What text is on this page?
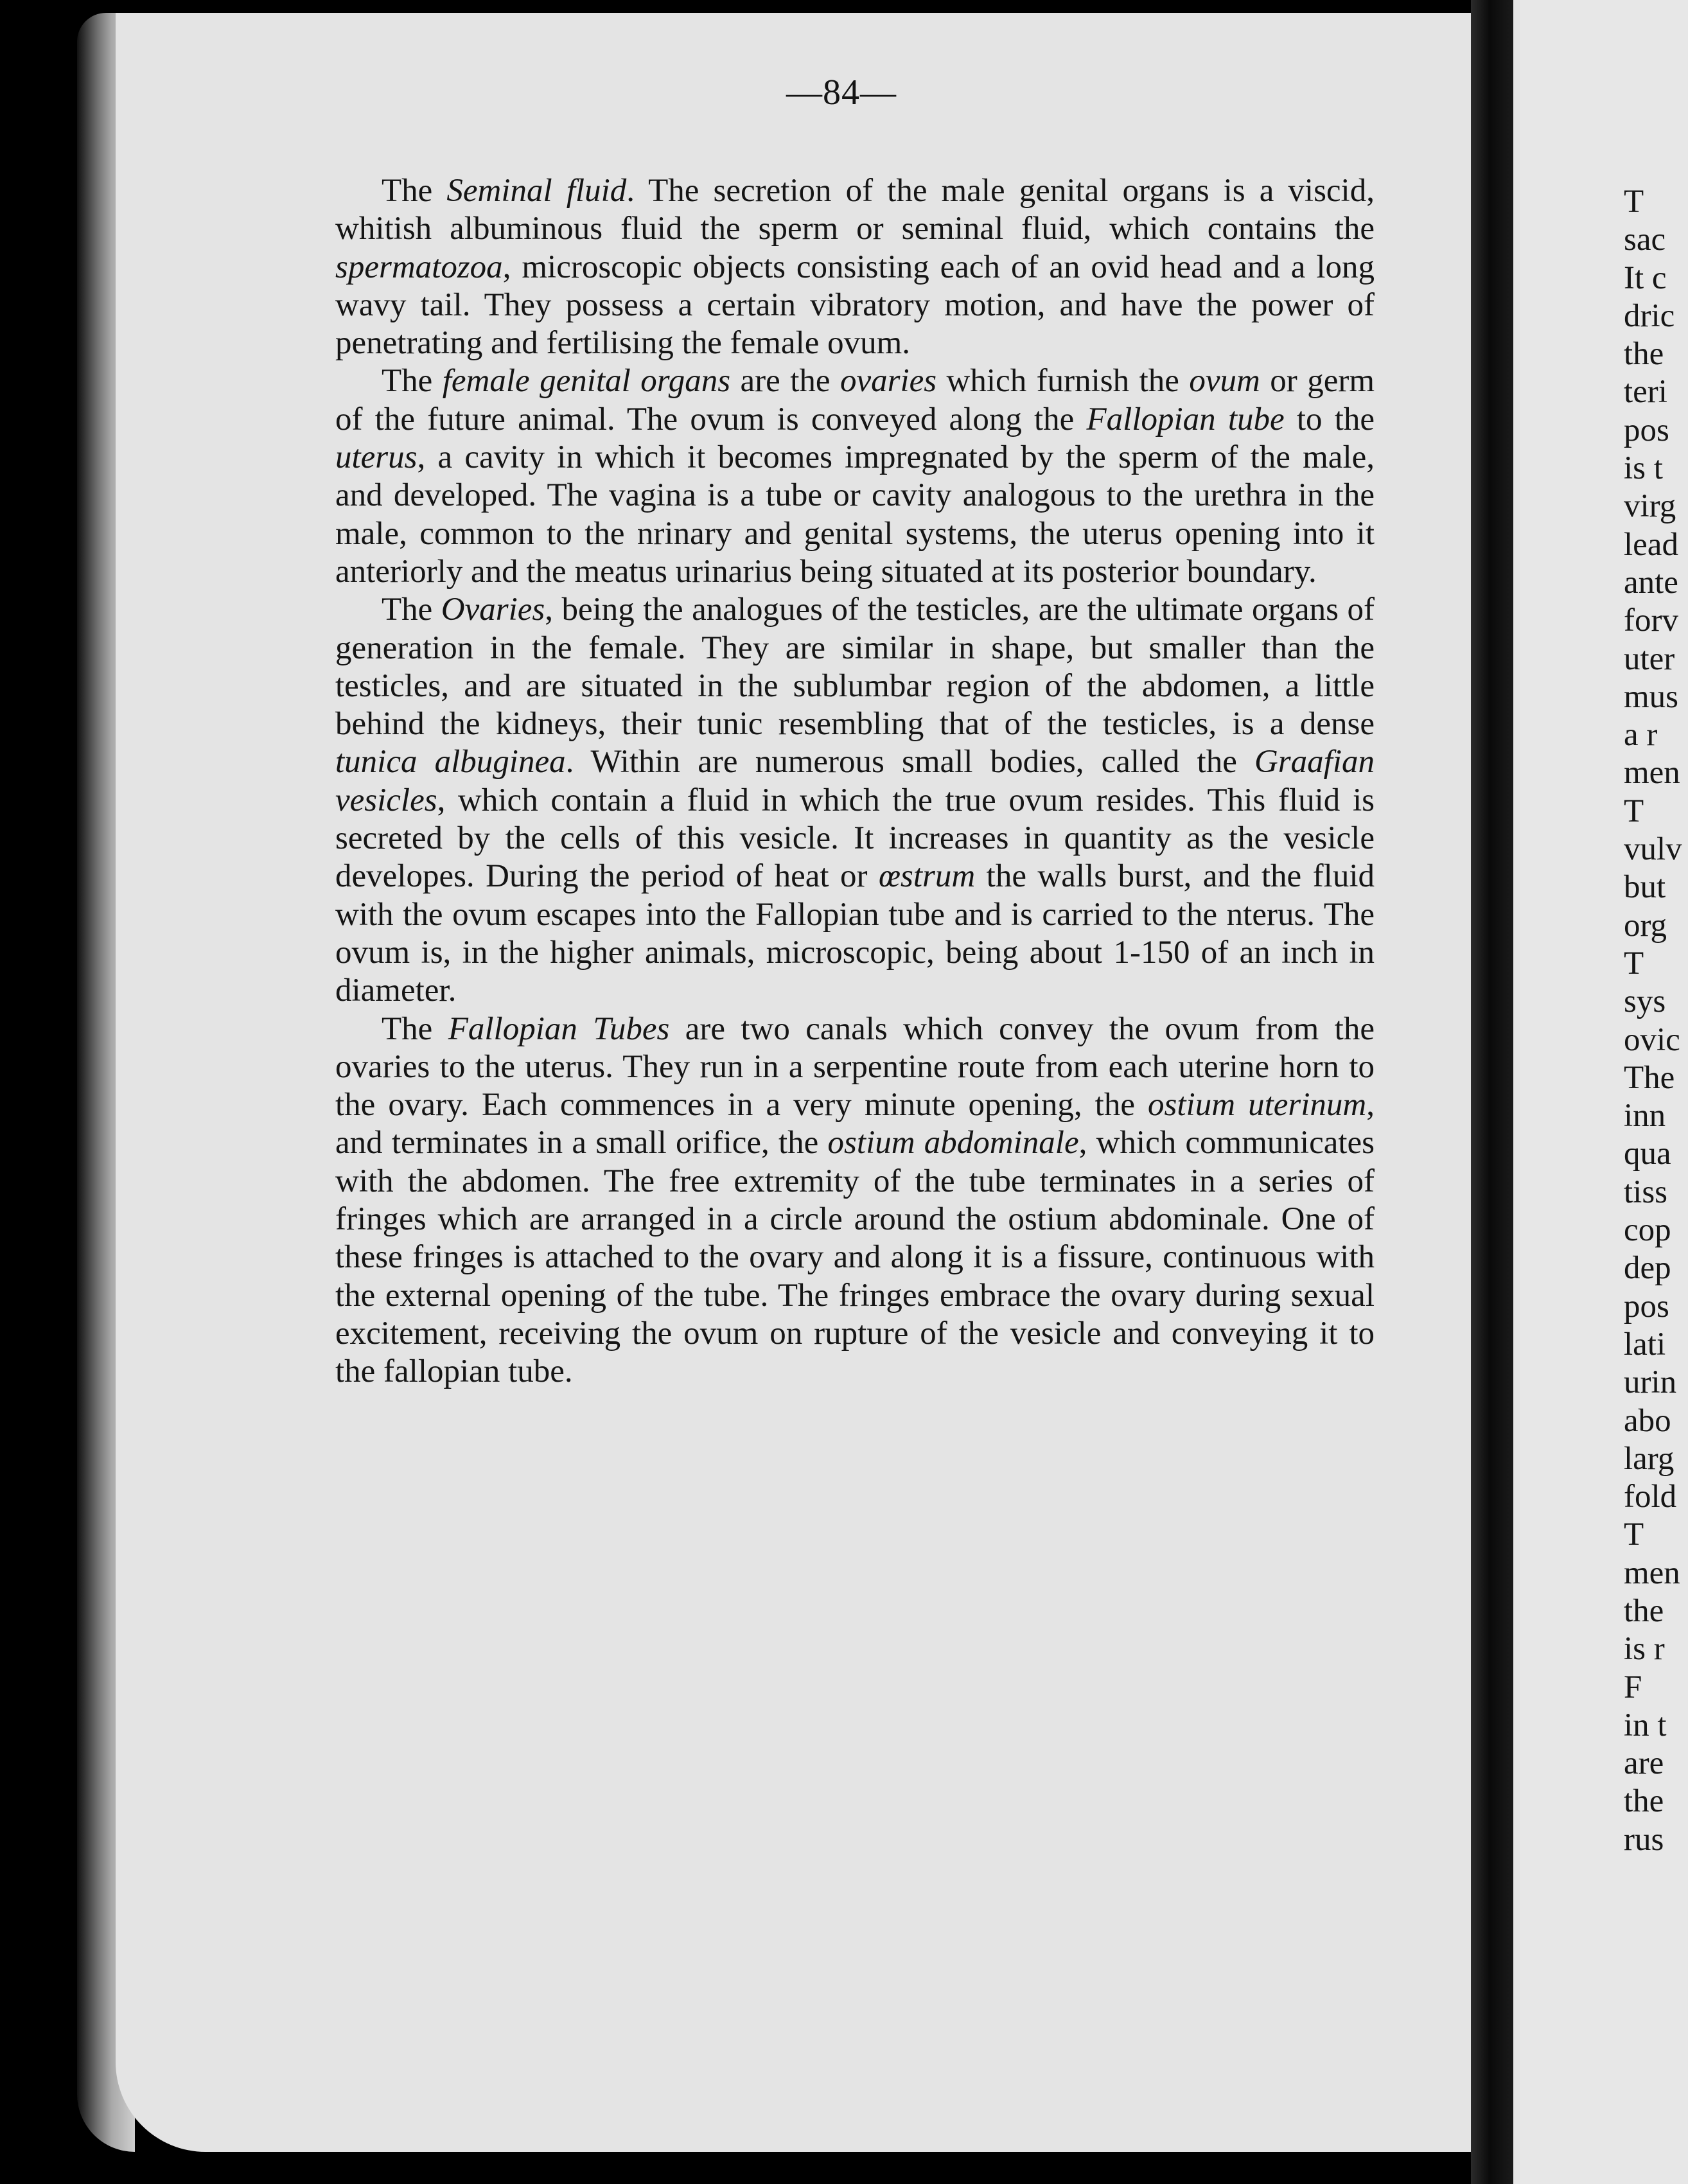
—84—

The Seminal fluid. The secretion of the male genital organs is a viscid, whitish albuminous fluid the sperm or seminal fluid, which contains the spermatozoa, microscopic objects consisting each of an ovid head and a long wavy tail. They possess a certain vibratory motion, and have the power of penetrating and fertilising the female ovum.

The female genital organs are the ovaries which furnish the ovum or germ of the future animal. The ovum is conveyed along the Fallopian tube to the uterus, a cavity in which it becomes impregnated by the sperm of the male, and developed. The vagina is a tube or cavity analogous to the urethra in the male, common to the nrinary and genital systems, the uterus opening into it anteriorly and the meatus urinarius being situated at its posterior boundary.

The Ovaries, being the analogues of the testicles, are the ultimate organs of generation in the female. They are similar in shape, but smaller than the testicles, and are situated in the sublumbar region of the abdomen, a little behind the kidneys, their tunic resembling that of the testicles, is a dense tunica albuginea. Within are numerous small bodies, called the Graafian vesicles, which contain a fluid in which the true ovum resides. This fluid is secreted by the cells of this vesicle. It increases in quantity as the vesicle developes. During the period of heat or œstrum the walls burst, and the fluid with the ovum escapes into the Fallopian tube and is carried to the nterus. The ovum is, in the higher animals, microscopic, being about 1-150 of an inch in diameter.

The Fallopian Tubes are two canals which convey the ovum from the ovaries to the uterus. They run in a serpentine route from each uterine horn to the ovary. Each commences in a very minute opening, the ostium uterinum, and terminates in a small orifice, the ostium abdominale, which communicates with the abdomen. The free extremity of the tube terminates in a series of fringes which are arranged in a circle around the ostium abdominale. One of these fringes is attached to the ovary and along it is a fissure, continuous with the external opening of the tube. The fringes embrace the ovary during sexual excitement, receiving the ovum on rupture of the vesicle and conveying it to the fallopian tube.

T
sac
It c
dric
the
teri
pos
is t
virg
lead
ante
forv
uter
mus
a r
men
T
vulv
but
org
T
sys
ovic
The
inn
qua
tiss
cop
dep
pos
lati
urin
abo
larg
fold
T
men
the
is r
F
in t
are
the
rus
